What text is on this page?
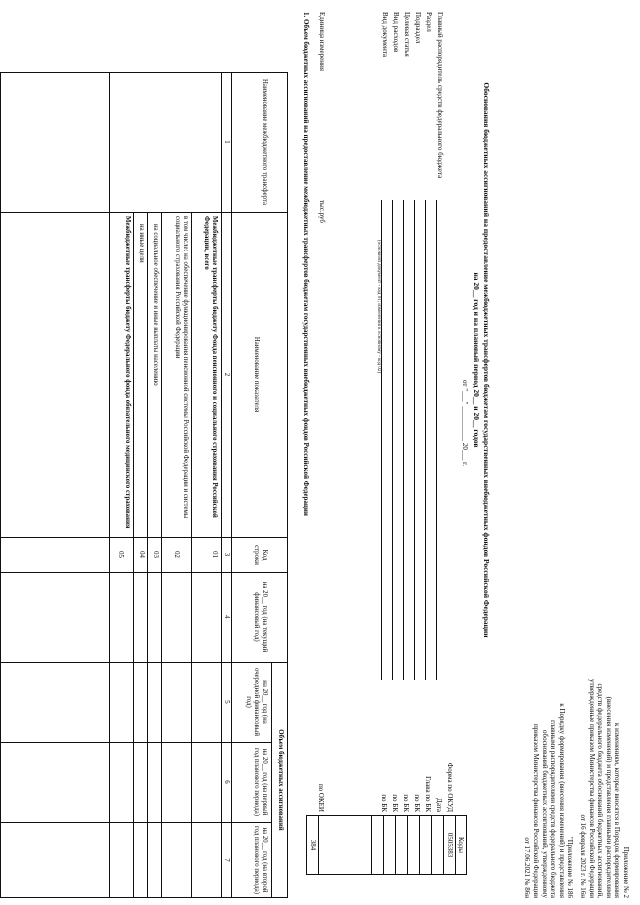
Приложение № 2
к изменениям, которые вносятся в Порядок формирования
(внесения изменений) и представления главными распорядителями
средств федерального бюджета обоснований бюджетных ассигнований,
утвержденные приказом Министерства финансов Российской Федерации
от 16 февраля 2023 г. № 16н
"Приложение № 186
к Порядку формирования (внесения изменений) и представления
главными распорядителями средств федерального бюджета
обоснований бюджетных ассигнований, утвержденному
приказом Министерства финансов Российской Федерации
от 17.06.2021 № 86н
Коды
0505383
384
Форма по ОКУД
Дата
Глава по БК
по БК
по БК
по БК
по БК
по ОКЕИ
Обоснования бюджетных ассигнований на предоставление межбюджетных трансфертов бюджетам государственных внебюджетных фондов Российской Федерации
на 20__ год и на плановый период 20__ и 20__ годов
от "___" __________ 20___ г.
Главный распорядитель средств федерального бюджета
Раздел
Подраздел
Целевая статья
Вид расходов
Вид документа
(основной документ - код 01; изменения к основному - код 02)
Единица измерения
тыс.руб
1. Объем бюджетных ассигнований на предоставление межбюджетных трансфертов бюджетам государственных внебюджетных фондов Российской Федерации
Наименование межбюджетного трансферта
Наименование показателя
Код строки
Объем бюджетных ассигнований
на 20__ год (на текущий финансовый год)
на 20__ год (на очередной финансовый год)
на 20__ год (на первый год планового периода)
на 20__ год (на второй год планового периода)
1
2
3
4
5
6
7
Межбюджетные трансферты бюджету Фонда пенсионного и социального страхования Российской Федерации, всего
01
в том числе: на обеспечение функционирования пенсионной системы Российской Федерации и системы социального страхования Российской Федерации
02
на социальное обеспечение и иные выплаты населению
03
на иные цели
04
Межбюджетные трансферты бюджету Федерального фонда обязательного медицинского страхования
05
